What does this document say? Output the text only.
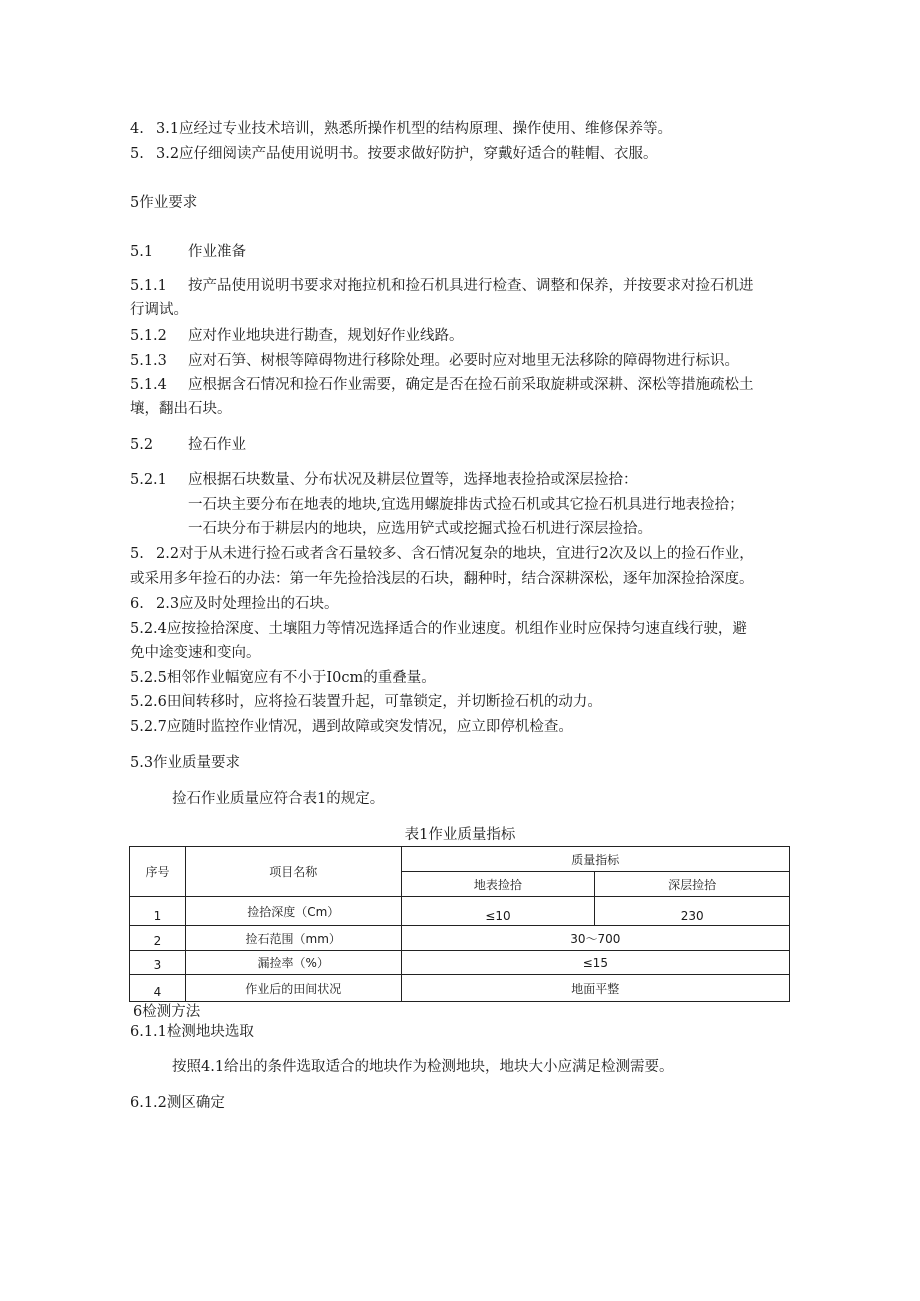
4. 3.1应经过专业技术培训，熟悉所操作机型的结构原理、操作使用、维修保养等。
5. 3.2应仔细阅读产品使用说明书。按要求做好防护，穿戴好适合的鞋帽、衣服。
5作业要求
5.1 作业准备
5.1.1 按产品使用说明书要求对拖拉机和捡石机具进行检查、调整和保养，并按要求对捡石机进
行调试。
5.1.2 应对作业地块进行勘查，规划好作业线路。
5.1.3 应对石笋、树根等障碍物进行移除处理。必要时应对地里无法移除的障碍物进行标识。
5.1.4 应根据含石情况和捡石作业需要，确定是否在捡石前采取旋耕或深耕、深松等措施疏松土
壤，翻出石块。
5.2 捡石作业
5.2.1 应根据石块数量、分布状况及耕层位置等，选择地表捡拾或深层捡拾：
一石块主要分布在地表的地块,宜选用螺旋排齿式捡石机或其它捡石机具进行地表捡拾；
一石块分布于耕层内的地块，应选用铲式或挖掘式捡石机进行深层捡拾。
5. 2.2对于从未进行捡石或者含石量较多、含石情况复杂的地块，宜进行2次及以上的捡石作业，
或采用多年捡石的办法：第一年先捡拾浅层的石块，翻种时，结合深耕深松，逐年加深捡拾深度。
6. 2.3应及时处理捡出的石块。
5.2.4应按捡拾深度、土壤阻力等情况选择适合的作业速度。机组作业时应保持匀速直线行驶，避
免中途变速和变向。
5.2.5相邻作业幅宽应有不小于I0cm的重叠量。
5.2.6田间转移时，应将捡石装置升起，可靠锁定，并切断捡石机的动力。
5.2.7应随时监控作业情况，遇到故障或突发情况，应立即停机检查。
5.3作业质量要求
捡石作业质量应符合表1的规定。
表1作业质量指标
序号	项目名称	质量指标	
		地表捡拾	深层捡拾
1	捡拾深度（Cm）	≤10	230
2	捡石范围（mm）	30～700	
3	漏捡率（%）	≤15	
4	作业后的田间状况	地面平整	
6检测方法
6.1.1检测地块选取
按照4.1给出的条件选取适合的地块作为检测地块，地块大小应满足检测需要。
6.1.2测区确定
